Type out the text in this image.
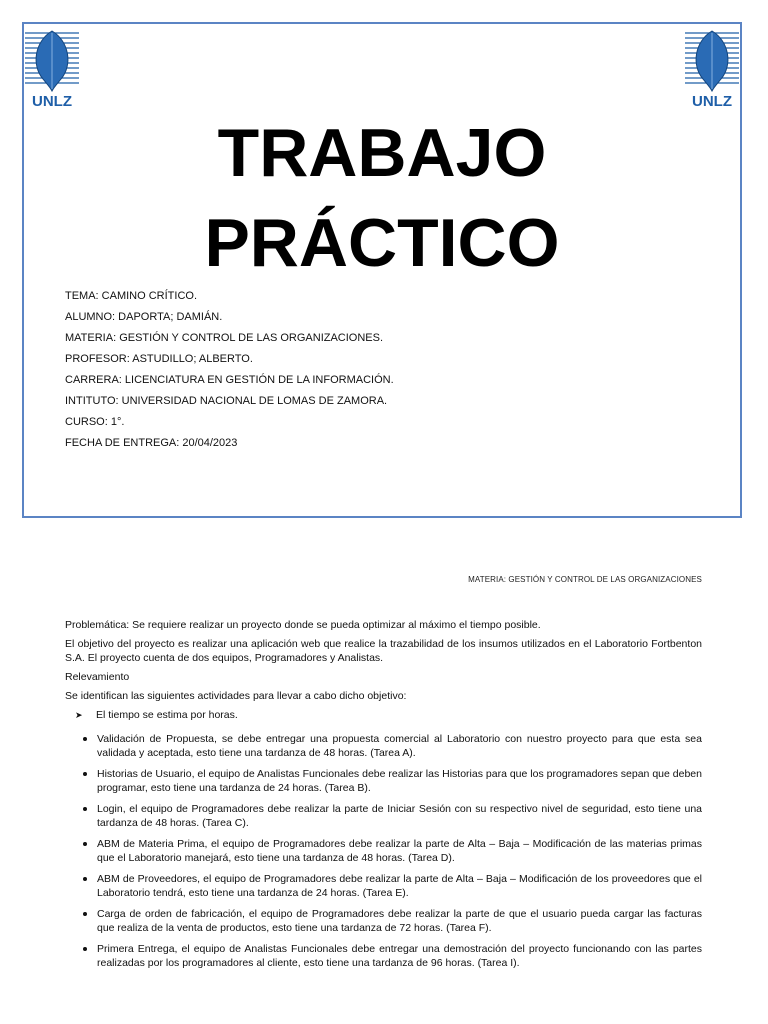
UNLZ	UNLZ
TRABAJO
PRÁCTICO
TEMA: CAMINO CRÍTICO.
ALUMNO: DAPORTA; DAMIÁN.
MATERIA: GESTIÓN Y CONTROL DE LAS ORGANIZACIONES.
PROFESOR: ASTUDILLO; ALBERTO.
CARRERA: LICENCIATURA EN GESTIÓN DE LA INFORMACIÓN.
INTITUTO: UNIVERSIDAD NACIONAL DE LOMAS DE ZAMORA.
CURSO: 1°.
FECHA DE ENTREGA: 20/04/2023
MATERIA: GESTIÓN Y CONTROL DE LAS ORGANIZACIONES

Problemática: Se requiere realizar un proyecto donde se pueda optimizar al máximo el tiempo posible.

El objetivo del proyecto es realizar una aplicación web que realice la trazabilidad de los insumos utilizados en el Laboratorio Fortbenton S.A. El proyecto cuenta de dos equipos, Programadores y Analistas.

Relevamiento

Se identifican las siguientes actividades para llevar a cabo dicho objetivo:

➤ El tiempo se estima por horas.
Validación de Propuesta, se debe entregar una propuesta comercial al Laboratorio con nuestro proyecto para que esta sea validada y aceptada, esto tiene una tardanza de 48 horas. (Tarea A).
Historias de Usuario, el equipo de Analistas Funcionales debe realizar las Historias para que los programadores sepan que deben programar, esto tiene una tardanza de 24 horas. (Tarea B).
Login, el equipo de Programadores debe realizar la parte de Iniciar Sesión con su respectivo nivel de seguridad, esto tiene una tardanza de 48 horas. (Tarea C).
ABM de Materia Prima, el equipo de Programadores debe realizar la parte de Alta – Baja – Modificación de las materias primas que el Laboratorio manejará, esto tiene una tardanza de 48 horas. (Tarea D).
ABM de Proveedores, el equipo de Programadores debe realizar la parte de Alta – Baja – Modificación de los proveedores que el Laboratorio tendrá, esto tiene una tardanza de 24 horas. (Tarea E).
Carga de orden de fabricación, el equipo de Programadores debe realizar la parte de que el usuario pueda cargar las facturas que realiza de la venta de productos, esto tiene una tardanza de 72 horas. (Tarea F).
Primera Entrega, el equipo de Analistas Funcionales debe entregar una demostración del proyecto funcionando con las partes realizadas por los programadores al cliente, esto tiene una tardanza de 96 horas. (Tarea I).
